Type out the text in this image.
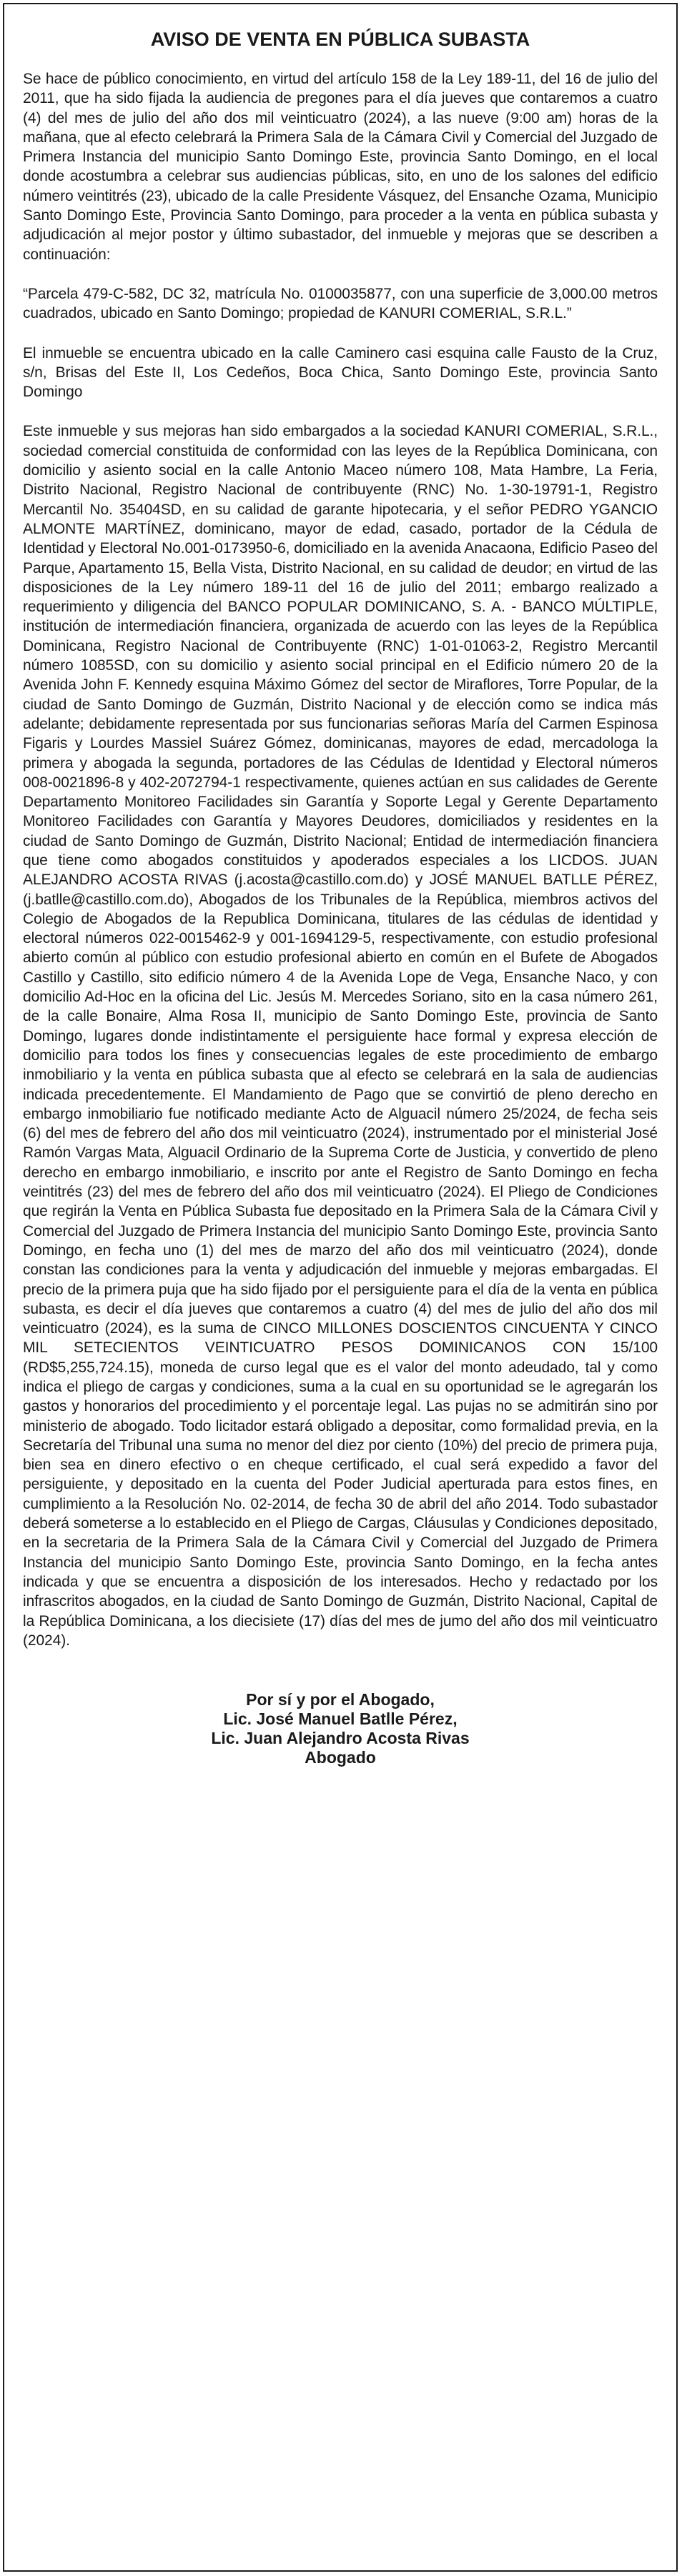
AVISO DE VENTA EN PÚBLICA SUBASTA

Se hace de público conocimiento, en virtud del artículo 158 de la Ley 189-11, del 16 de julio del 2011, que ha sido fijada la audiencia de pregones para el día jueves que contaremos a cuatro (4) del mes de julio del año dos mil veinticuatro (2024), a las nueve (9:00 am) horas de la mañana, que al efecto celebrará la Primera Sala de la Cámara Civil y Comercial del Juzgado de Primera Instancia del municipio Santo Domingo Este, provincia Santo Domingo, en el local donde acostumbra a celebrar sus audiencias públicas, sito, en uno de los salones del edificio número veintitrés (23), ubicado de la calle Presidente Vásquez, del Ensanche Ozama, Municipio Santo Domingo Este, Provincia Santo Domingo, para proceder a la venta en pública subasta y adjudicación al mejor postor y último subastador, del inmueble y mejoras que se describen a continuación:

“Parcela 479-C-582, DC 32, matrícula No. 0100035877, con una superficie de 3,000.00 metros cuadrados, ubicado en Santo Domingo; propiedad de KANURI COMERIAL, S.R.L.”

El inmueble se encuentra ubicado en la calle Caminero casi esquina calle Fausto de la Cruz, s/n, Brisas del Este II, Los Cedeños, Boca Chica, Santo Domingo Este, provincia Santo Domingo

Este inmueble y sus mejoras han sido embargados a la sociedad KANURI COMERIAL, S.R.L., sociedad comercial constituida de conformidad con las leyes de la República Dominicana, con domicilio y asiento social en la calle Antonio Maceo número 108, Mata Hambre, La Feria, Distrito Nacional, Registro Nacional de contribuyente (RNC) No. 1-30-19791-1, Registro Mercantil No. 35404SD, en su calidad de garante hipotecaria, y el señor PEDRO YGANCIO ALMONTE MARTÍNEZ, dominicano, mayor de edad, casado, portador de la Cédula de Identidad y Electoral No.001-0173950-6, domiciliado en la avenida Anacaona, Edificio Paseo del Parque, Apartamento 15, Bella Vista, Distrito Nacional, en su calidad de deudor; en virtud de las disposiciones de la Ley número 189-11 del 16 de julio del 2011; embargo realizado a requerimiento y diligencia del BANCO POPULAR DOMINICANO, S. A. - BANCO MÚLTIPLE, institución de intermediación financiera, organizada de acuerdo con las leyes de la República Dominicana, Registro Nacional de Contribuyente (RNC) 1-01-01063-2, Registro Mercantil número 1085SD, con su domicilio y asiento social principal en el Edificio número 20 de la Avenida John F. Kennedy esquina Máximo Gómez del sector de Miraflores, Torre Popular, de la ciudad de Santo Domingo de Guzmán, Distrito Nacional y de elección como se indica más adelante; debidamente representada por sus funcionarias señoras María del Carmen Espinosa Figaris y Lourdes Massiel Suárez Gómez, dominicanas, mayores de edad, mercadologa la primera y abogada la segunda, portadores de las Cédulas de Identidad y Electoral números 008-0021896-8 y 402-2072794-1 respectivamente, quienes actúan en sus calidades de Gerente Departamento Monitoreo Facilidades sin Garantía y Soporte Legal y Gerente Departamento Monitoreo Facilidades con Garantía y Mayores Deudores, domiciliados y residentes en la ciudad de Santo Domingo de Guzmán, Distrito Nacional; Entidad de intermediación financiera que tiene como abogados constituidos y apoderados especiales a los LICDOS. JUAN ALEJANDRO ACOSTA RIVAS (j.acosta@castillo.com.do) y JOSÉ MANUEL BATLLE PÉREZ, (j.batlle@castillo.com.do), Abogados de los Tribunales de la República, miembros activos del Colegio de Abogados de la Republica Dominicana, titulares de las cédulas de identidad y electoral números 022-0015462-9 y 001-1694129-5, respectivamente, con estudio profesional abierto común al público con estudio profesional abierto en común en el Bufete de Abogados Castillo y Castillo, sito edificio número 4 de la Avenida Lope de Vega, Ensanche Naco, y con domicilio Ad-Hoc en la oficina del Lic. Jesús M. Mercedes Soriano, sito en la casa número 261, de la calle Bonaire, Alma Rosa II, municipio de Santo Domingo Este, provincia de Santo Domingo, lugares donde indistintamente el persiguiente hace formal y expresa elección de domicilio para todos los fines y consecuencias legales de este procedimiento de embargo inmobiliario y la venta en pública subasta que al efecto se celebrará en la sala de audiencias indicada precedentemente. El Mandamiento de Pago que se convirtió de pleno derecho en embargo inmobiliario fue notificado mediante Acto de Alguacil número 25/2024, de fecha seis (6) del mes de febrero del año dos mil veinticuatro (2024), instrumentado por el ministerial José Ramón Vargas Mata, Alguacil Ordinario de la Suprema Corte de Justicia, y convertido de pleno derecho en embargo inmobiliario, e inscrito por ante el Registro de Santo Domingo en fecha veintitrés (23) del mes de febrero del año dos mil veinticuatro (2024). El Pliego de Condiciones que regirán la Venta en Pública Subasta fue depositado en la Primera Sala de la Cámara Civil y Comercial del Juzgado de Primera Instancia del municipio Santo Domingo Este, provincia Santo Domingo, en fecha uno (1) del mes de marzo del año dos mil veinticuatro (2024), donde constan las condiciones para la venta y adjudicación del inmueble y mejoras embargadas. El precio de la primera puja que ha sido fijado por el persiguiente para el día de la venta en pública subasta, es decir el día jueves que contaremos a cuatro (4) del mes de julio del año dos mil veinticuatro (2024), es la suma de CINCO MILLONES DOSCIENTOS CINCUENTA Y CINCO MIL SETECIENTOS VEINTICUATRO PESOS DOMINICANOS CON 15/100 (RD$5,255,724.15), moneda de curso legal que es el valor del monto adeudado, tal y como indica el pliego de cargas y condiciones, suma a la cual en su oportunidad se le agregarán los gastos y honorarios del procedimiento y el porcentaje legal. Las pujas no se admitirán sino por ministerio de abogado. Todo licitador estará obligado a depositar, como formalidad previa, en la Secretaría del Tribunal una suma no menor del diez por ciento (10%) del precio de primera puja, bien sea en dinero efectivo o en cheque certificado, el cual será expedido a favor del persiguiente, y depositado en la cuenta del Poder Judicial aperturada para estos fines, en cumplimiento a la Resolución No. 02-2014, de fecha 30 de abril del año 2014. Todo subastador deberá someterse a lo establecido en el Pliego de Cargas, Cláusulas y Condiciones depositado, en la secretaria de la Primera Sala de la Cámara Civil y Comercial del Juzgado de Primera Instancia del municipio Santo Domingo Este, provincia Santo Domingo, en la fecha antes indicada y que se encuentra a disposición de los interesados. Hecho y redactado por los infrascritos abogados, en la ciudad de Santo Domingo de Guzmán, Distrito Nacional, Capital de la República Dominicana, a los diecisiete (17) días del mes de jumo del año dos mil veinticuatro (2024).

Por sí y por el Abogado,
Lic. José Manuel Batlle Pérez,
Lic. Juan Alejandro Acosta Rivas
Abogado
